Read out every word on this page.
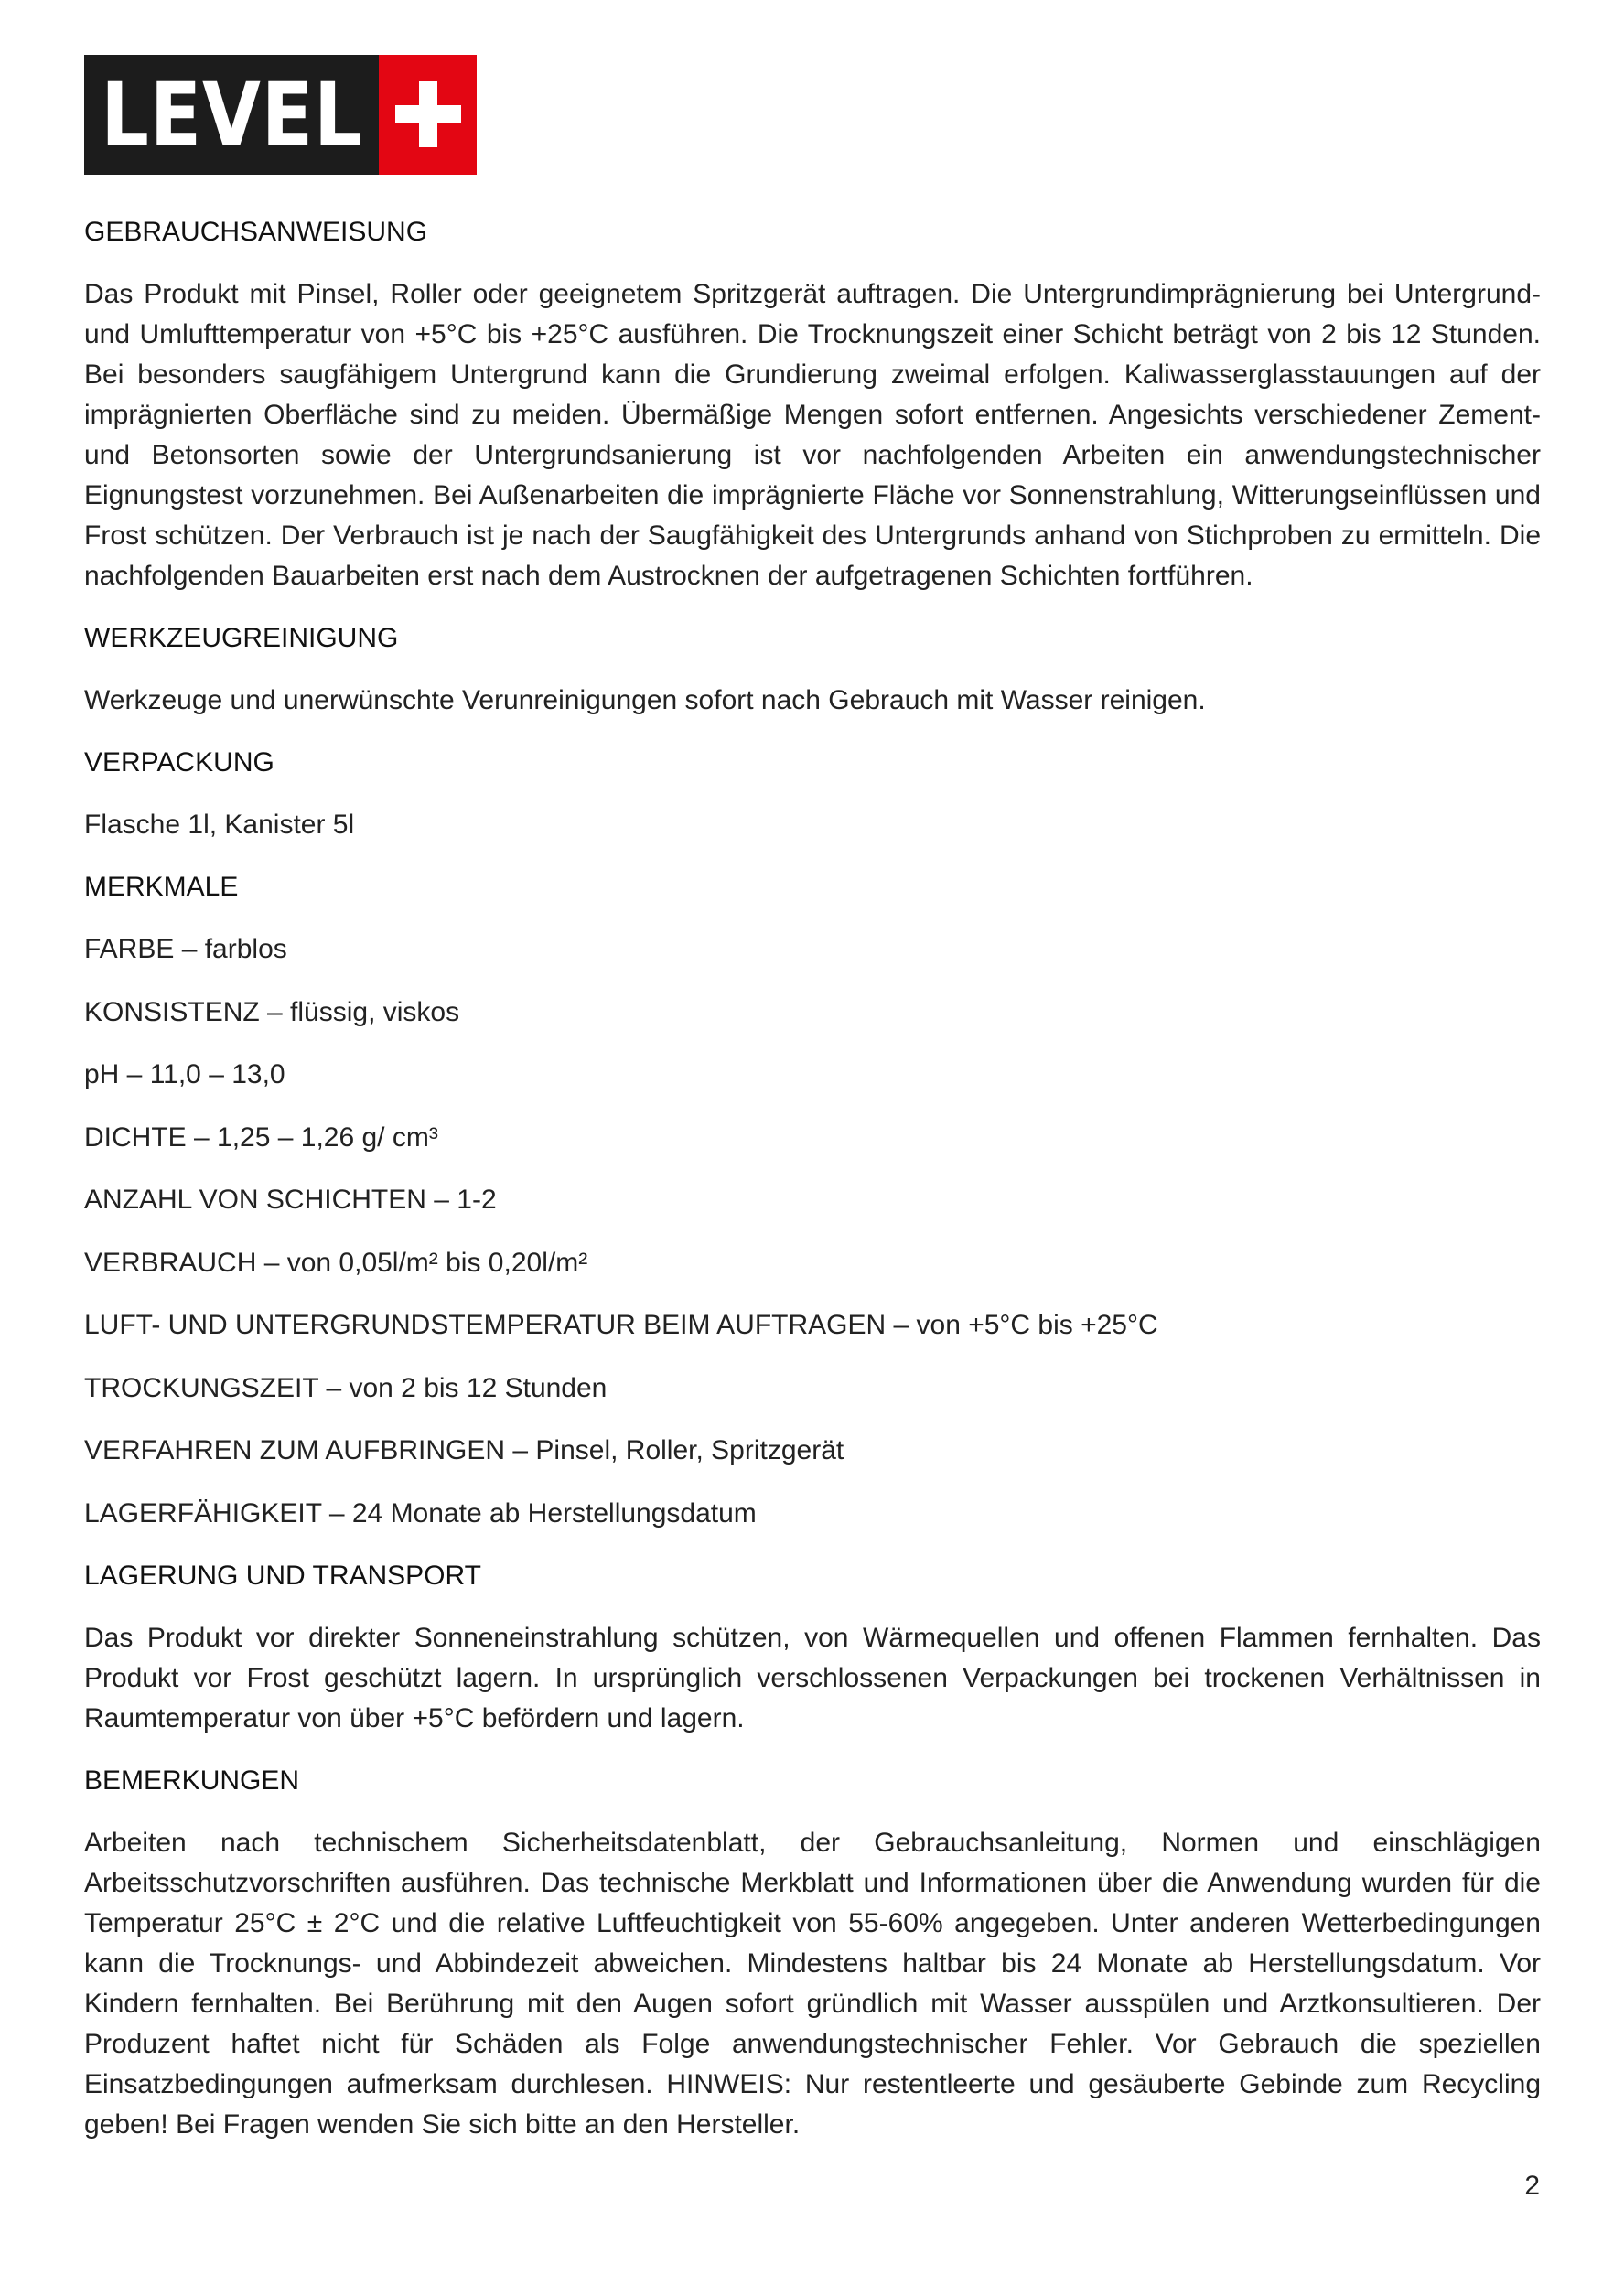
LEVEL
GEBRAUCHSANWEISUNG
Das Produkt mit Pinsel, Roller oder geeignetem Spritzgerät auftragen. Die Untergrundimprägnierung bei Untergrund- und Umlufttemperatur von +5°C bis +25°C ausführen. Die Trocknungszeit einer Schicht beträgt von 2 bis 12 Stunden. Bei besonders saugfähigem Untergrund kann die Grundierung zweimal erfolgen. Kaliwasserglasstauungen auf der imprägnierten Oberfläche sind zu meiden. Übermäßige Mengen sofort entfernen. Angesichts verschiedener Zement- und Betonsorten sowie der Untergrundsanierung ist vor nachfolgenden Arbeiten ein anwendungstechnischer Eignungstest vorzunehmen. Bei Außenarbeiten die imprägnierte Fläche vor Sonnenstrahlung, Witterungseinflüssen und Frost schützen. Der Verbrauch ist je nach der Saugfähigkeit des Untergrunds anhand von Stichproben zu ermitteln. Die nachfolgenden Bauarbeiten erst nach dem Austrocknen der aufgetragenen Schichten fortführen.
WERKZEUGREINIGUNG
Werkzeuge und unerwünschte Verunreinigungen sofort nach Gebrauch mit Wasser reinigen.
VERPACKUNG
Flasche 1l, Kanister 5l
MERKMALE
FARBE – farblos
KONSISTENZ – flüssig, viskos
pH – 11,0 – 13,0
DICHTE – 1,25 – 1,26 g/ cm³
ANZAHL VON SCHICHTEN – 1-2
VERBRAUCH – von 0,05l/m² bis 0,20l/m²
LUFT- UND UNTERGRUNDSTEMPERATUR BEIM AUFTRAGEN – von +5°C bis +25°C
TROCKUNGSZEIT – von 2 bis 12 Stunden
VERFAHREN ZUM AUFBRINGEN – Pinsel, Roller, Spritzgerät
LAGERFÄHIGKEIT – 24 Monate ab Herstellungsdatum
LAGERUNG UND TRANSPORT
Das Produkt vor direkter Sonneneinstrahlung schützen, von Wärmequellen und offenen Flammen fernhalten. Das Produkt vor Frost geschützt lagern. In ursprünglich verschlossenen Verpackungen bei trockenen Verhältnissen in Raumtemperatur von über +5°C befördern und lagern.
BEMERKUNGEN
Arbeiten nach technischem Sicherheitsdatenblatt, der Gebrauchsanleitung, Normen und einschlägigen Arbeitsschutzvorschriften ausführen. Das technische Merkblatt und Informationen über die Anwendung wurden für die Temperatur 25°C ± 2°C und die relative Luftfeuchtigkeit von 55-60% angegeben. Unter anderen Wetterbedingungen kann die Trocknungs- und Abbindezeit abweichen. Mindestens haltbar bis 24 Monate ab Herstellungsdatum. Vor Kindern fernhalten. Bei Berührung mit den Augen sofort gründlich mit Wasser ausspülen und Arztkonsultieren. Der Produzent haftet nicht für Schäden als Folge anwendungstechnischer Fehler. Vor Gebrauch die speziellen Einsatzbedingungen aufmerksam durchlesen. HINWEIS: Nur restentleerte und gesäuberte Gebinde zum Recycling geben! Bei Fragen wenden Sie sich bitte an den Hersteller.
2
